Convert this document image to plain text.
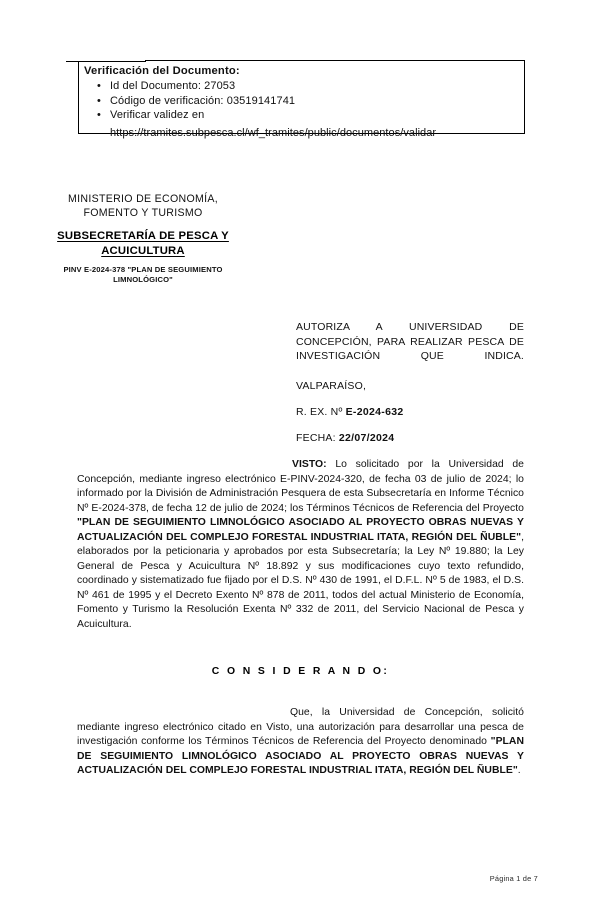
Verificación del Documento:
• Id del Documento: 27053
• Código de verificación: 03519141741
• Verificar validez en
https://tramites.subpesca.cl/wf_tramites/public/documentos/validar
MINISTERIO DE ECONOMÍA,
FOMENTO Y TURISMO
SUBSECRETARÍA DE PESCA Y
ACUICULTURA
PINV E-2024-378 "PLAN DE SEGUIMIENTO
LIMNOLÓGICO"
AUTORIZA A UNIVERSIDAD DE CONCEPCIÓN, PARA REALIZAR PESCA DE INVESTIGACIÓN QUE INDICA.
VALPARAÍSO,
R. EX. Nº E-2024-632
FECHA: 22/07/2024
VISTO: Lo solicitado por la Universidad de Concepción, mediante ingreso electrónico E-PINV-2024-320, de fecha 03 de julio de 2024; lo informado por la División de Administración Pesquera de esta Subsecretaría en Informe Técnico Nº E-2024-378, de fecha 12 de julio de 2024; los Términos Técnicos de Referencia del Proyecto "PLAN DE SEGUIMIENTO LIMNOLÓGICO ASOCIADO AL PROYECTO OBRAS NUEVAS Y ACTUALIZACIÓN DEL COMPLEJO FORESTAL INDUSTRIAL ITATA, REGIÓN DEL ÑUBLE", elaborados por la peticionaria y aprobados por esta Subsecretaría; la Ley Nº 19.880; la Ley General de Pesca y Acuicultura Nº 18.892 y sus modificaciones cuyo texto refundido, coordinado y sistematizado fue fijado por el D.S. Nº 430 de 1991, el D.F.L. Nº 5 de 1983, el D.S. Nº 461 de 1995 y el Decreto Exento Nº 878 de 2011, todos del actual Ministerio de Economía, Fomento y Turismo la Resolución Exenta Nº 332 de 2011, del Servicio Nacional de Pesca y Acuicultura.
C O N S I D E R A N D O:
Que, la Universidad de Concepción, solicitó mediante ingreso electrónico citado en Visto, una autorización para desarrollar una pesca de investigación conforme los Términos Técnicos de Referencia del Proyecto denominado "PLAN DE SEGUIMIENTO LIMNOLÓGICO ASOCIADO AL PROYECTO OBRAS NUEVAS Y ACTUALIZACIÓN DEL COMPLEJO FORESTAL INDUSTRIAL ITATA, REGIÓN DEL ÑUBLE".
Página 1 de 7
